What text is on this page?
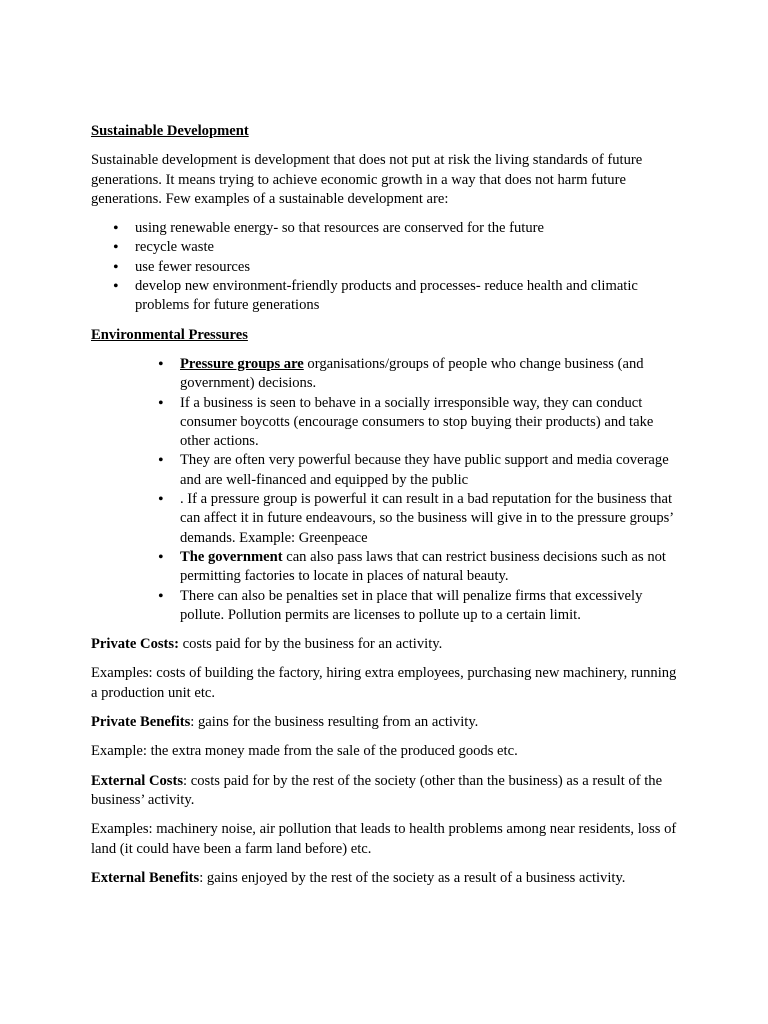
Sustainable Development

Sustainable development is development that does not put at risk the living standards of future generations. It means trying to achieve economic growth in a way that does not harm future generations. Few examples of a sustainable development are:

• using renewable energy- so that resources are conserved for the future
• recycle waste
• use fewer resources
• develop new environment-friendly products and processes- reduce health and climatic problems for future generations
Environmental Pressures
• Pressure groups are organisations/groups of people who change business (and government) decisions.
• If a business is seen to behave in a socially irresponsible way, they can conduct consumer boycotts (encourage consumers to stop buying their products) and take other actions.
• They are often very powerful because they have public support and media coverage and are well-financed and equipped by the public
• . If a pressure group is powerful it can result in a bad reputation for the business that can affect it in future endeavours, so the business will give in to the pressure groups’ demands. Example: Greenpeace
• The government can also pass laws that can restrict business decisions such as not permitting factories to locate in places of natural beauty.
• There can also be penalties set in place that will penalize firms that excessively pollute. Pollution permits are licenses to pollute up to a certain limit.

Private Costs: costs paid for by the business for an activity.

Examples: costs of building the factory, hiring extra employees, purchasing new machinery, running a production unit etc.

Private Benefits: gains for the business resulting from an activity.

Example: the extra money made from the sale of the produced goods etc.

External Costs: costs paid for by the rest of the society (other than the business) as a result of the business’ activity.

Examples: machinery noise, air pollution that leads to health problems among near residents, loss of land (it could have been a farm land before) etc.

External Benefits: gains enjoyed by the rest of the society as a result of a business activity.
